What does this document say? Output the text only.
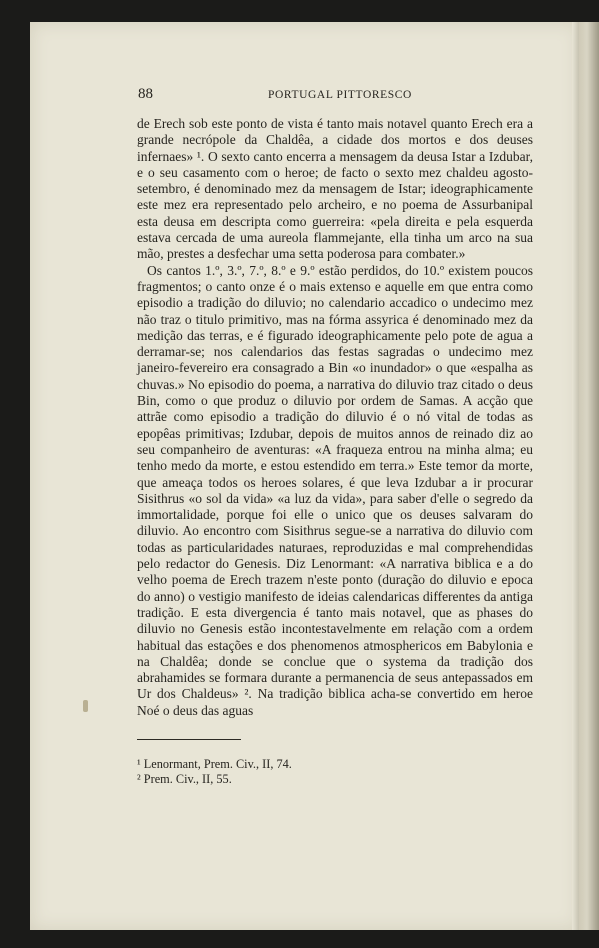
88	PORTUGAL PITTORESCO

de Erech sob este ponto de vista é tanto mais notavel quanto Erech era a grande necrópole da Chaldêa, a cidade dos mortos e dos deuses infernaes» ¹. O sexto canto encerra a mensagem da deusa Istar a Izdubar, e o seu casamento com o heroe; de facto o sexto mez chaldeu agosto-setembro, é denominado mez da mensagem de Istar; ideographicamente este mez era representado pelo archeiro, e no poema de Assurbanipal esta deusa em descripta como guerreira: «pela direita e pela esquerda estava cercada de uma aureola flammejante, ella tinha um arco na sua mão, prestes a desfechar uma setta poderosa para combater.»

Os cantos 1.º, 3.º, 7.º, 8.º e 9.º estão perdidos, do 10.º existem poucos fragmentos; o canto onze é o mais extenso e aquelle em que entra como episodio a tradição do diluvio; no calendario accadico o undecimo mez não traz o titulo primitivo, mas na fórma assyrica é denominado mez da medição das terras, e é figurado ideographicamente pelo pote de agua a derramar-se; nos calendarios das festas sagradas o undecimo mez janeiro-fevereiro era consagrado a Bin «o inundador» o que «espalha as chuvas.» No episodio do poema, a narrativa do diluvio traz citado o deus Bin, como o que produz o diluvio por ordem de Samas. A acção que attrãe como episodio a tradição do diluvio é o nó vital de todas as epopêas primitivas; Izdubar, depois de muitos annos de reinado diz ao seu companheiro de aventuras: «A fraqueza entrou na minha alma; eu tenho medo da morte, e estou estendido em terra.» Este temor da morte, que ameaça todos os heroes solares, é que leva Izdubar a ir procurar Sisithrus «o sol da vida» «a luz da vida», para saber d'elle o segredo da immortalidade, porque foi elle o unico que os deuses salvaram do diluvio. Ao encontro com Sisithrus segue-se a narrativa do diluvio com todas as particularidades naturaes, reproduzidas e mal comprehendidas pelo redactor do Genesis. Diz Lenormant: «A narrativa biblica e a do velho poema de Erech trazem n'este ponto (duração do diluvio e epoca do anno) o vestigio manifesto de ideias calendaricas differentes da antiga tradição. E esta divergencia é tanto mais notavel, que as phases do diluvio no Genesis estão incontestavelmente em relação com a ordem habitual das estações e dos phenomenos atmosphericos em Babylonia e na Chaldêa; donde se conclue que o systema da tradição dos abrahamides se formara durante a permanencia de seus antepassados em Ur dos Chaldeus» ². Na tradição biblica acha-se convertido em heroe Noé o deus das aguas

¹ Lenormant, Prem. Civ., II, 74.
² Prem. Civ., II, 55.
